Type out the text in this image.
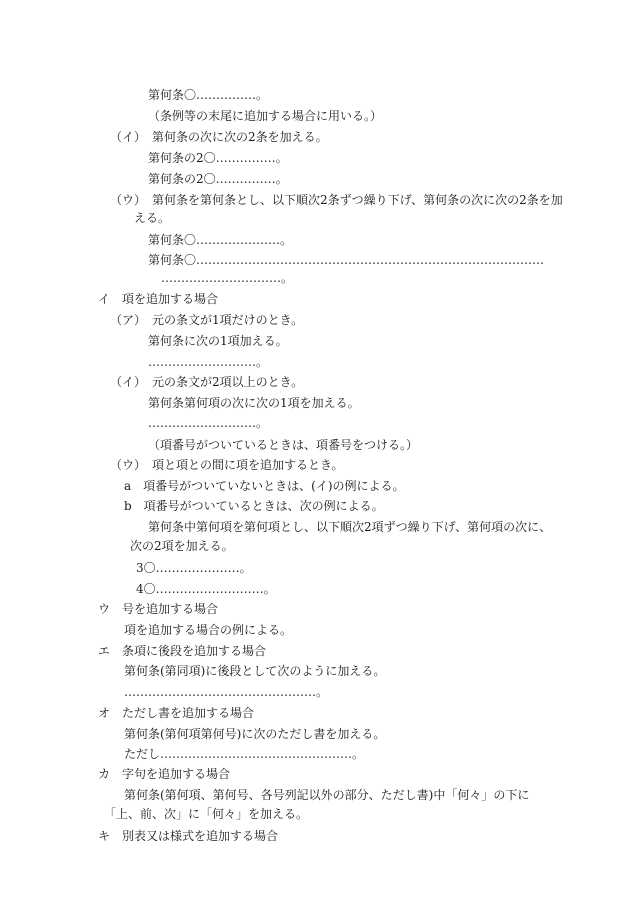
第何条〇……………。
（条例等の末尾に追加する場合に用いる。）
（イ）　第何条の次に次の2条を加える。
第何条の2〇……………。
第何条の2〇……………。
（ウ）　第何条を第何条とし、以下順次2条ずつ繰り下げ、第何条の次に次の2条を加
える。
第何条〇…………………。
第何条〇……………………………………………………………………………
…………………………。
イ　項を追加する場合
（ア）　元の条文が1項だけのとき。
第何条に次の1項加える。
………………………。
（イ）　元の条文が2項以上のとき。
第何条第何項の次に次の1項を加える。
………………………。
（項番号がついているときは、項番号をつける。）
（ウ）　項と項との間に項を追加するとき。
a　項番号がついていないときは、(イ)の例による。
b　項番号がついているときは、次の例による。
第何条中第何項を第何項とし、以下順次2項ずつ繰り下げ、第何項の次に、
次の2項を加える。
3〇…………………。
4〇………………………。
ウ　号を追加する場合
項を追加する場合の例による。
エ　条項に後段を追加する場合
第何条(第同項)に後段として次のように加える。
…………………………………………。
オ　ただし書を追加する場合
第何条(第何項第何号)に次のただし書を加える。
ただし…………………………………………。
カ　字句を追加する場合
第何条(第何項、第何号、各号列記以外の部分、ただし書)中「何々」の下に
「上、前、次」に「何々」を加える。
キ　別表又は様式を追加する場合
